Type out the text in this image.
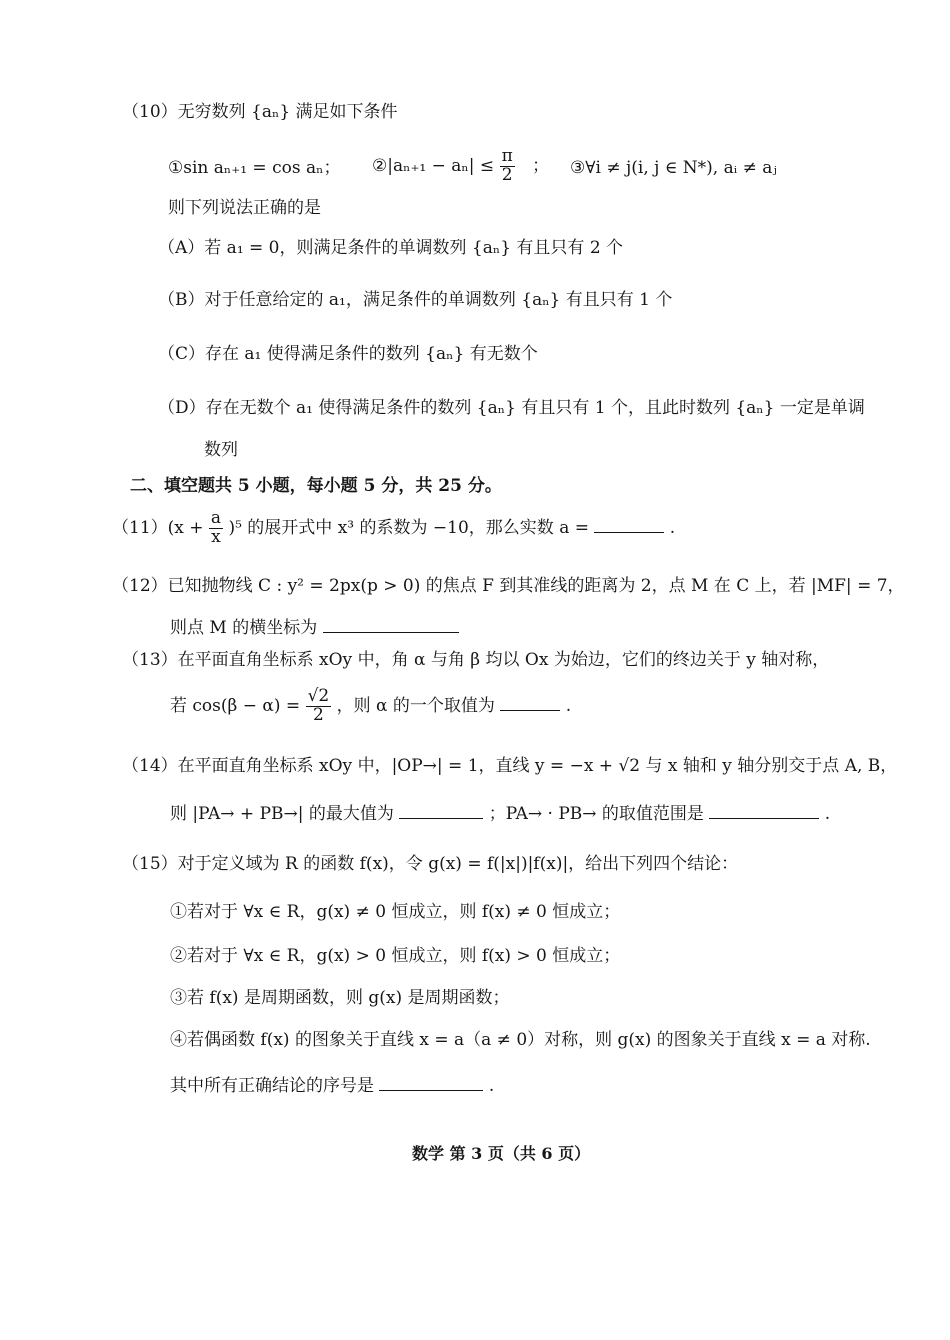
（10）无穷数列 {aₙ} 满足如下条件
①sin aₙ₊₁ = cos aₙ； ②|aₙ₊₁ − $a_n| \le \frac{\pi}{2}$ ； ③∀i ≠ j(i, j ∈ N*), aᵢ ≠ aⱼ
则下列说法正确的是
（A）若 a₁ = 0，则满足条件的单调数列 {aₙ} 有且只有 2 个
（B）对于任意给定的 a₁，满足条件的单调数列 {aₙ} 有且只有 1 个
（C）存在 a₁ 使得满足条件的数列 {aₙ} 有无数个
（D）存在无数个 a₁ 使得满足条件的数列 {aₙ} 有且只有 1 个，且此时数列 {aₙ} 一定是单调
数列
二、填空题共 5 小题，每小题 5 分，共 25 分。
$(11)(x + \frac{a}{x} )^5$ 的展开式中 x³ 的系数为 −10，那么实数 a =	.
（12）已知抛物线 C : y² = 2px(p > 0) 的焦点 F 到其准线的距离为 2，点 M 在 C 上，若 |MF| = 7，
则点 M 的横坐标为
（13）在平面直角坐标系 xOy 中，角 α 与角 β 均以 Ox 为始边，它们的终边关于 y 轴对称，
若 $\cos(\beta - \alpha) = \frac{√2}{2}$ ，则 α 的一个取值为	.
（14）在平面直角坐标系 xOy 中，|OP→| = 1，直线 y = −x + √2 与 x 轴和 y 轴分别交于点 A, B，
则 |PA→ + PB→| 的最大值为	；PA→ · PB→ 的取值范围是	.
（15）对于定义域为 R 的函数 f(x)，令 g(x) = f(|x|)|f(x)|，给出下列四个结论：
①若对于 ∀x ∈ R，g(x) ≠ 0 恒成立，则 f(x) ≠ 0 恒成立；
②若对于 ∀x ∈ R，g(x) > 0 恒成立，则 f(x) > 0 恒成立；
③若 f(x) 是周期函数，则 g(x) 是周期函数；
④若偶函数 f(x) 的图象关于直线 x = a（a ≠ 0）对称，则 g(x) 的图象关于直线 x = a 对称.
其中所有正确结论的序号是	.
数学 第 3 页（共 6 页）
